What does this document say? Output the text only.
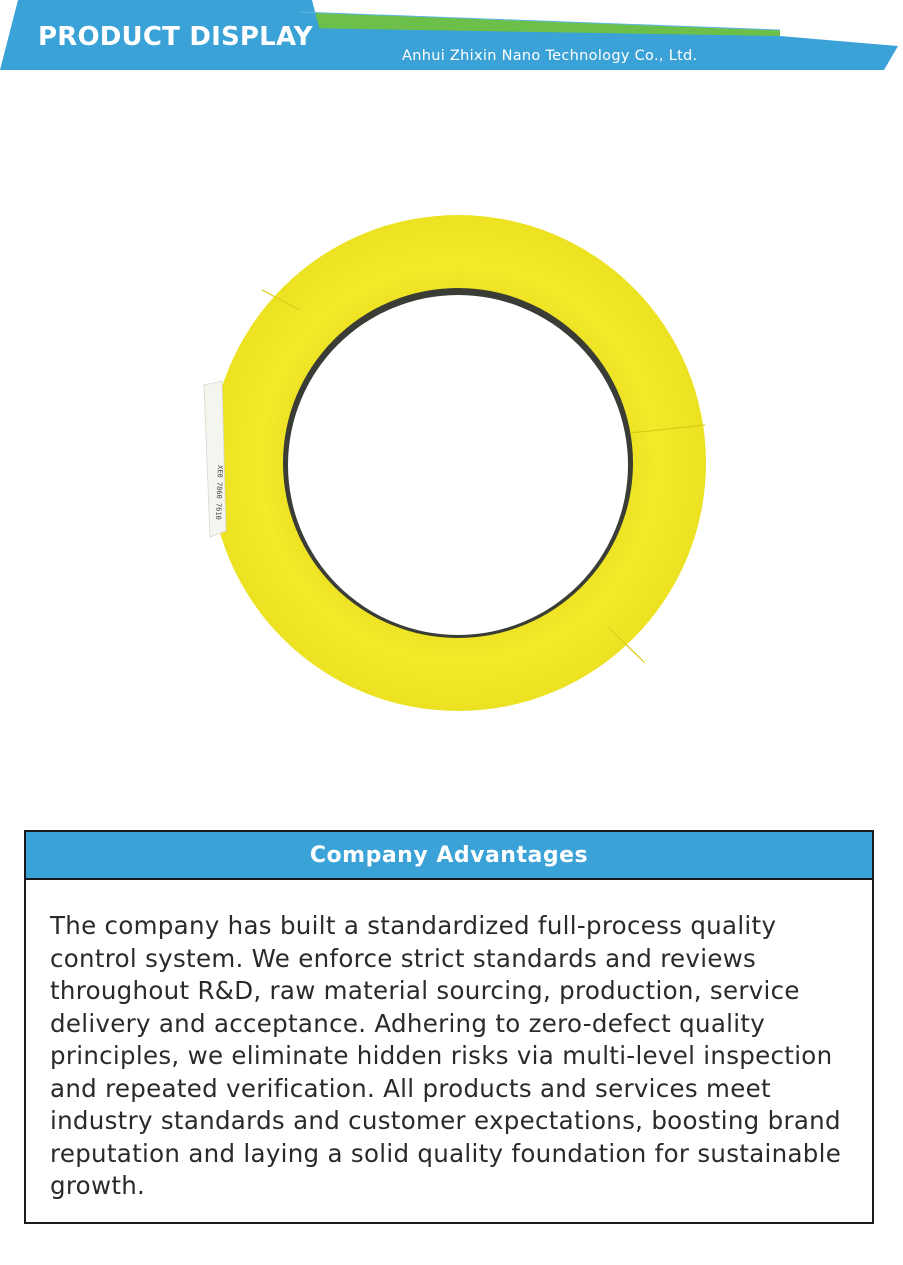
PRODUCT DISPLAY
Anhui Zhixin Nano Technology Co., Ltd.
XE0 7860 7610
Company Advantages
The company has built a standardized full-process quality control system. We enforce strict standards and reviews throughout R&D, raw material sourcing, production, service delivery and acceptance. Adhering to zero-defect quality principles, we eliminate hidden risks via multi-level inspection and repeated verification. All products and services meet industry standards and customer expectations, boosting brand reputation and laying a solid quality foundation for sustainable growth.
